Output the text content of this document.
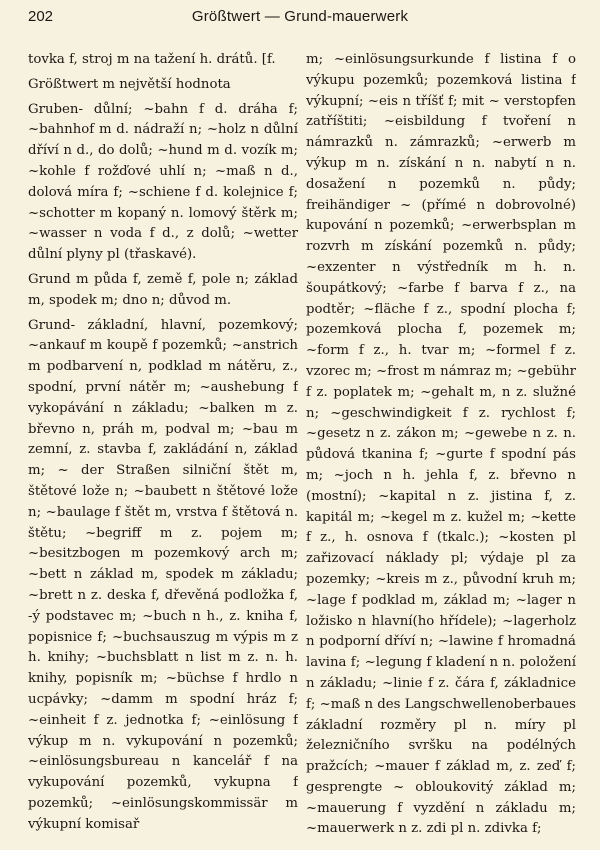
202	Größtwert — Grund-mauerwerk

tovka f, stroj m na tažení h. drátů. [f.

Größtwert m největší hodnota

Gruben- důlní; ~bahn f d. dráha f; ~bahnhof m d. nádraží n; ~holz n důlní dříví n d., do dolů; ~hund m d. vozík m; ~kohle f rožďové uhlí n; ~maß n d., dolová míra f; ~schiene f d. kolejnice f; ~schotter m kopaný n. lomový štěrk m; ~wasser n voda f d., z dolů; ~wetter důlní plyny pl (třaskavé).

Grund m půda f, země f, pole n; základ m, spodek m; dno n; důvod m.

Grund- základní, hlavní, pozemkový; ~ankauf m koupě f pozemků; ~anstrich m podbarvení n, podklad m nátěru, z., spodní, první nátěr m; ~aushebung f vykopávání n základu; ~balken m z. břevno n, práh m, podval m; ~bau m zemní, z. stavba f, zakládání n, základ m; ~ der Straßen silniční štět m, štětové lože n; ~baubett n štětové lože n; ~baulage f štět m, vrstva f štětová n. štětu; ~begriff m z. pojem m; ~besitzbogen m pozemkový arch m; ~bett n základ m, spodek m základu; ~brett n z. deska f, dřevěná podložka f, -ý podstavec m; ~buch n h., z. kniha f, popisnice f; ~buchsauszug m výpis m z h. knihy; ~buchsblatt n list m z. n. h. knihy, popisník m; ~büchse f hrdlo n ucpávky; ~damm m spodní hráz f; ~einheit f z. jednotka f; ~einlösung f výkup m n. vykupování n pozemků; ~einlösungsbureau n kancelář f na vykupování pozemků, vykupna f pozemků; ~einlösungskommissär m výkupní komisař

m; ~einlösungsurkunde f listina f o výkupu pozemků; pozemková listina f výkupní; ~eis n tříšť f; mit ~ verstopfen zatříštiti; ~eisbildung f tvoření n námrazků n. zámrazků; ~erwerb m výkup m n. získání n n. nabytí n n. dosažení n pozemků n. půdy; freihändiger ~ (přímé n dobrovolné) kupování n pozemků; ~erwerbsplan m rozvrh m získání pozemků n. půdy; ~exzenter n výstředník m h. n. šoupátkový; ~farbe f barva f z., na podtěr; ~fläche f z., spodní plocha f; pozemková plocha f, pozemek m; ~form f z., h. tvar m; ~formel f z. vzorec m; ~frost m námraz m; ~gebühr f z. poplatek m; ~gehalt m, n z. služné n; ~geschwindigkeit f z. rychlost f; ~gesetz n z. zákon m; ~gewebe n z. n. půdová tkanina f; ~gurte f spodní pás m; ~joch n h. jehla f, z. břevno n (mostní); ~kapital n z. jistina f, z. kapitál m; ~kegel m z. kužel m; ~kette f z., h. osnova f (tkalc.); ~kosten pl zařizovací náklady pl; výdaje pl za pozemky; ~kreis m z., původní kruh m; ~lage f podklad m, základ m; ~lager n ložisko n hlavní(ho hřídele); ~lagerholz n podporní dříví n; ~lawine f hromadná lavina f; ~legung f kladení n n. položení n základu; ~linie f z. čára f, základnice f; ~maß n des Langschwellenoberbaues základní rozměry pl n. míry pl železničního svršku na podélných pražcích; ~mauer f základ m, z. zeď f; gesprengte ~ obloukovitý základ m; ~mauerung f vyzdění n základu m; ~mauerwerk n z. zdi pl n. zdivka f;
